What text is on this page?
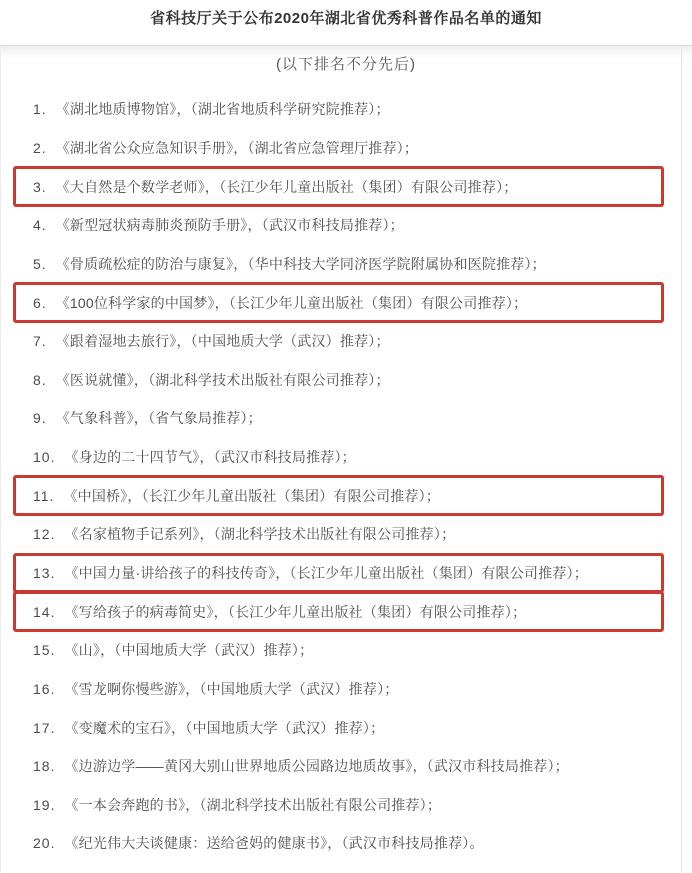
省科技厅关于公布2020年湖北省优秀科普作品名单的通知

(以下排名不分先后)

1. 《湖北地质博物馆》，（湖北省地质科学研究院推荐）；
2. 《湖北省公众应急知识手册》，（湖北省应急管理厅推荐）；
3. 《大自然是个数学老师》，（长江少年儿童出版社（集团）有限公司推荐）；
4. 《新型冠状病毒肺炎预防手册》，（武汉市科技局推荐）；
5. 《骨质疏松症的防治与康复》，（华中科技大学同济医学院附属协和医院推荐）；
6. 《100位科学家的中国梦》，（长江少年儿童出版社（集团）有限公司推荐）；
7. 《跟着湿地去旅行》，（中国地质大学（武汉）推荐）；
8. 《医说就懂》，（湖北科学技术出版社有限公司推荐）；
9. 《气象科普》，（省气象局推荐）；
10. 《身边的二十四节气》，（武汉市科技局推荐）；
11. 《中国桥》，（长江少年儿童出版社（集团）有限公司推荐）；
12. 《名家植物手记系列》，（湖北科学技术出版社有限公司推荐）；
13. 《中国力量·讲给孩子的科技传奇》，（长江少年儿童出版社（集团）有限公司推荐）；
14. 《写给孩子的病毒简史》，（长江少年儿童出版社（集团）有限公司推荐）；
15. 《山》，（中国地质大学（武汉）推荐）；
16. 《雪龙啊你慢些游》，（中国地质大学（武汉）推荐）；
17. 《变魔术的宝石》，（中国地质大学（武汉）推荐）；
18. 《边游边学——黄冈大别山世界地质公园路边地质故事》，（武汉市科技局推荐）；
19. 《一本会奔跑的书》，（湖北科学技术出版社有限公司推荐）；
20. 《纪光伟大夫谈健康：送给爸妈的健康书》，（武汉市科技局推荐）。
